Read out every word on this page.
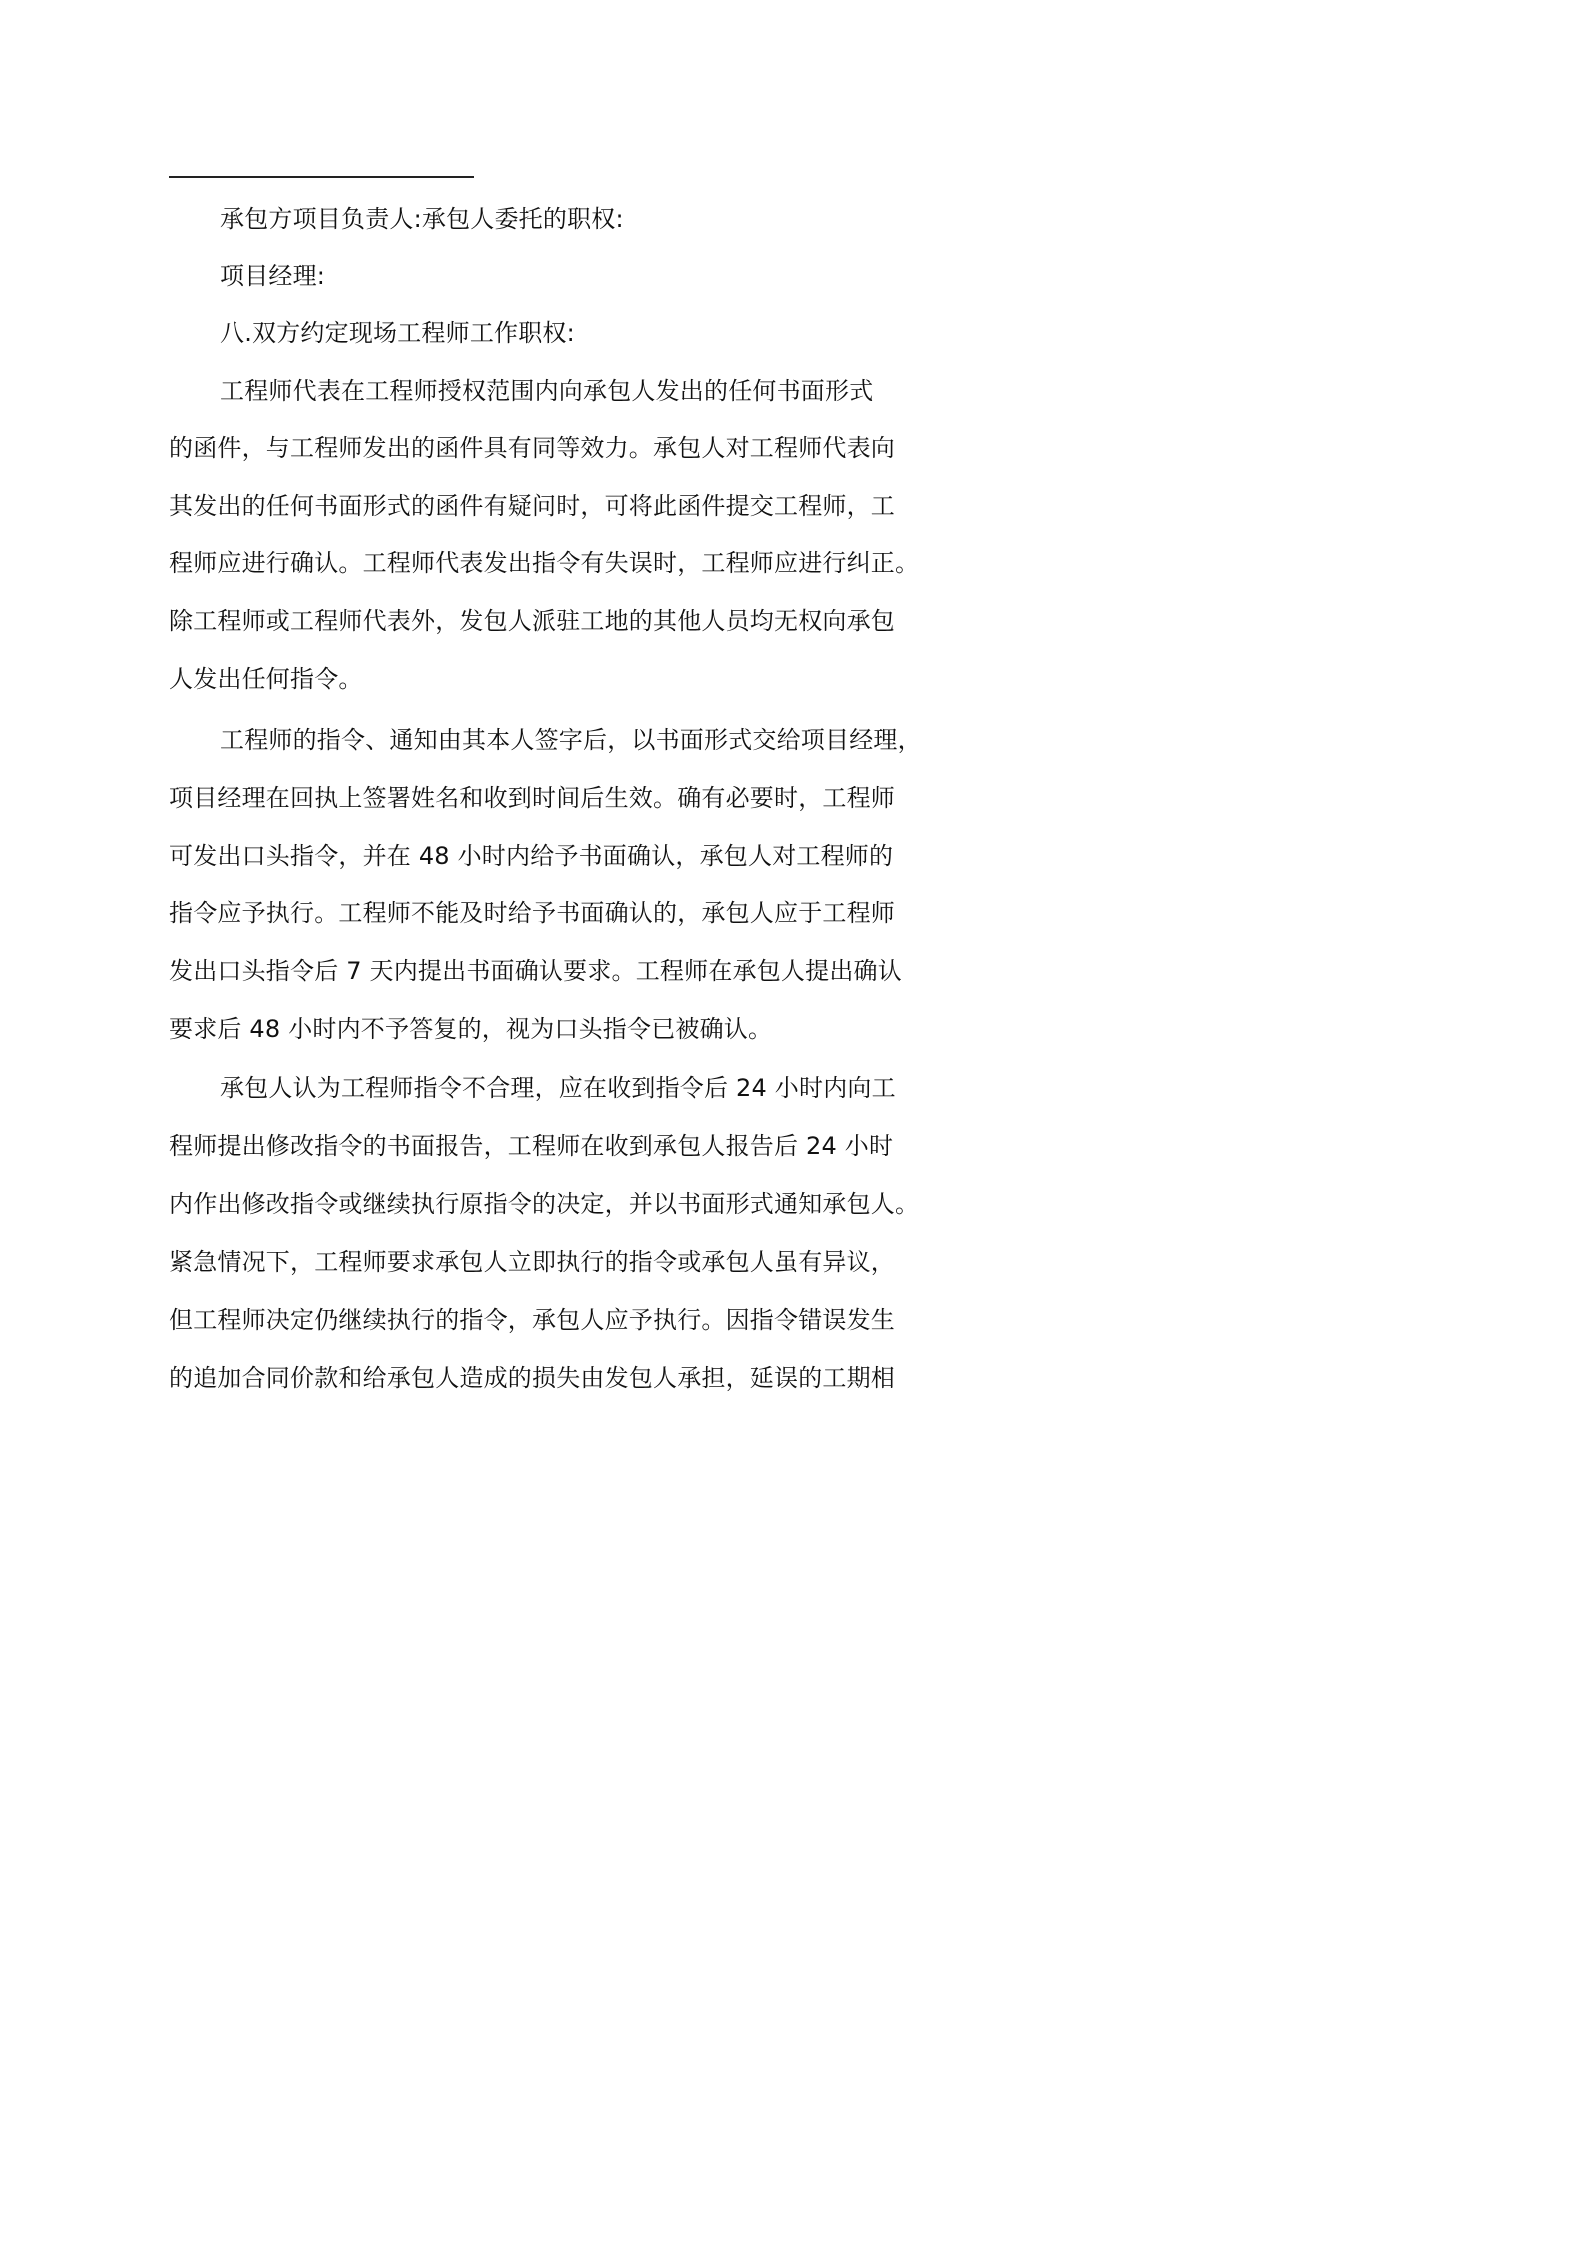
承包方项目负责人:承包人委托的职权:
项目经理:
八.双方约定现场工程师工作职权:
工程师代表在工程师授权范围内向承包人发出的任何书面形式
的函件，与工程师发出的函件具有同等效力。承包人对工程师代表向
其发出的任何书面形式的函件有疑问时，可将此函件提交工程师，工
程师应进行确认。工程师代表发出指令有失误时，工程师应进行纠正。
除工程师或工程师代表外，发包人派驻工地的其他人员均无权向承包
人发出任何指令。
工程师的指令、通知由其本人签字后，以书面形式交给项目经理，
项目经理在回执上签署姓名和收到时间后生效。确有必要时，工程师
可发出口头指令，并在 48 小时内给予书面确认，承包人对工程师的
指令应予执行。工程师不能及时给予书面确认的，承包人应于工程师
发出口头指令后 7 天内提出书面确认要求。工程师在承包人提出确认
要求后 48 小时内不予答复的，视为口头指令已被确认。
承包人认为工程师指令不合理，应在收到指令后 24 小时内向工
程师提出修改指令的书面报告，工程师在收到承包人报告后 24 小时
内作出修改指令或继续执行原指令的决定，并以书面形式通知承包人。
紧急情况下，工程师要求承包人立即执行的指令或承包人虽有异议，
但工程师决定仍继续执行的指令，承包人应予执行。因指令错误发生
的追加合同价款和给承包人造成的损失由发包人承担，延误的工期相
